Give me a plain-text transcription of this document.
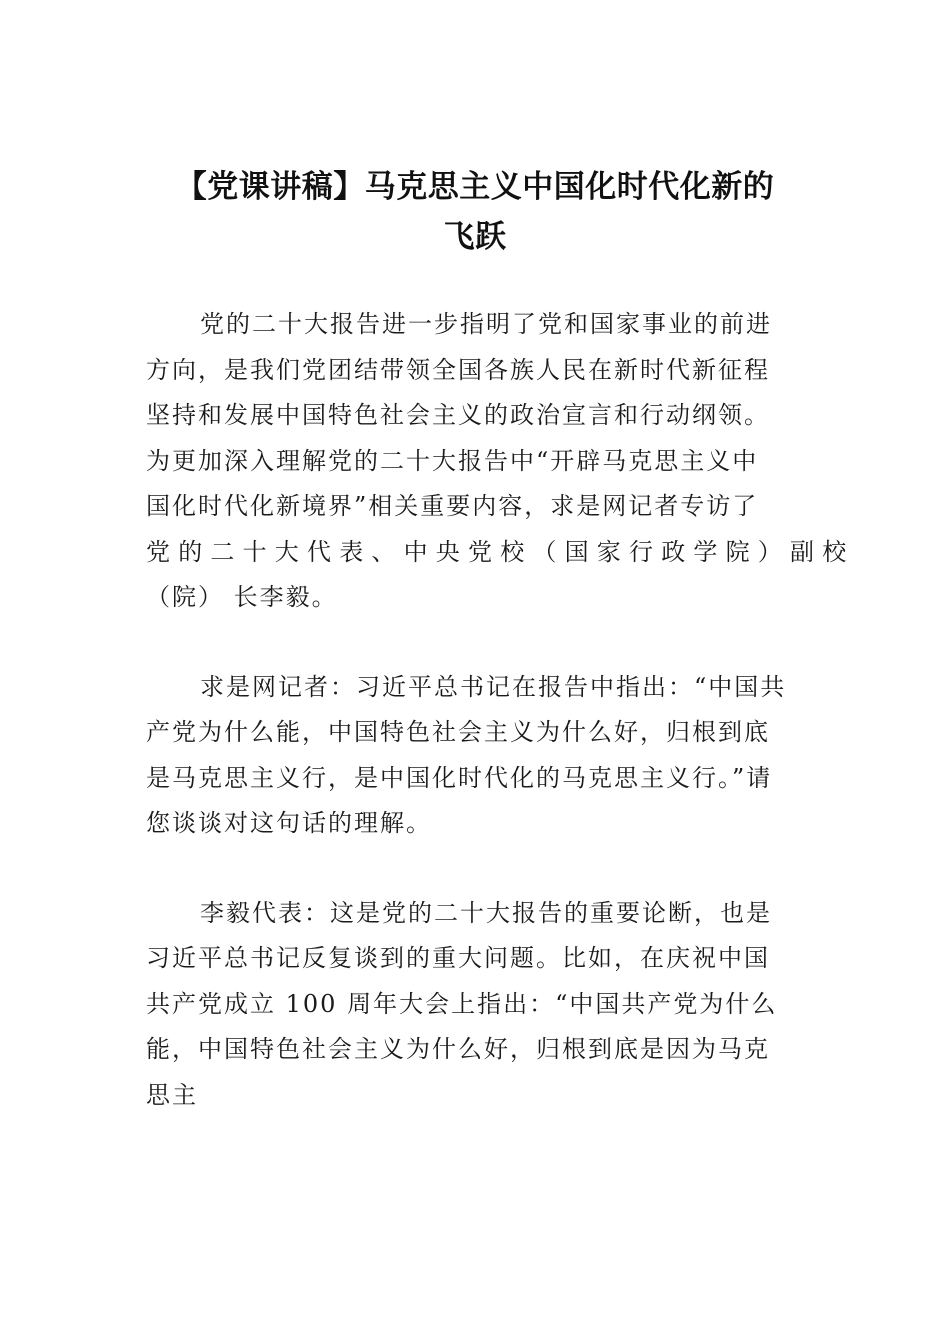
【党课讲稿】马克思主义中国化时代化新的
飞跃

党的二十大报告进一步指明了党和国家事业的前进
方向，是我们党团结带领全国各族人民在新时代新征程
坚持和发展中国特色社会主义的政治宣言和行动纲领。
为更加深入理解党的二十大报告中“开辟马克思主义中
国化时代化新境界”相关重要内容，求是网记者专访了
党的二十大代表、中央党校（国家行政学院）副校
（院） 长李毅。

求是网记者：习近平总书记在报告中指出：“中国共
产党为什么能，中国特色社会主义为什么好，归根到底
是马克思主义行，是中国化时代化的马克思主义行。”请
您谈谈对这句话的理解。

李毅代表：这是党的二十大报告的重要论断，也是
习近平总书记反复谈到的重大问题。比如，在庆祝中国
共产党成立 100 周年大会上指出：“中国共产党为什么
能，中国特色社会主义为什么好，归根到底是因为马克
思主
